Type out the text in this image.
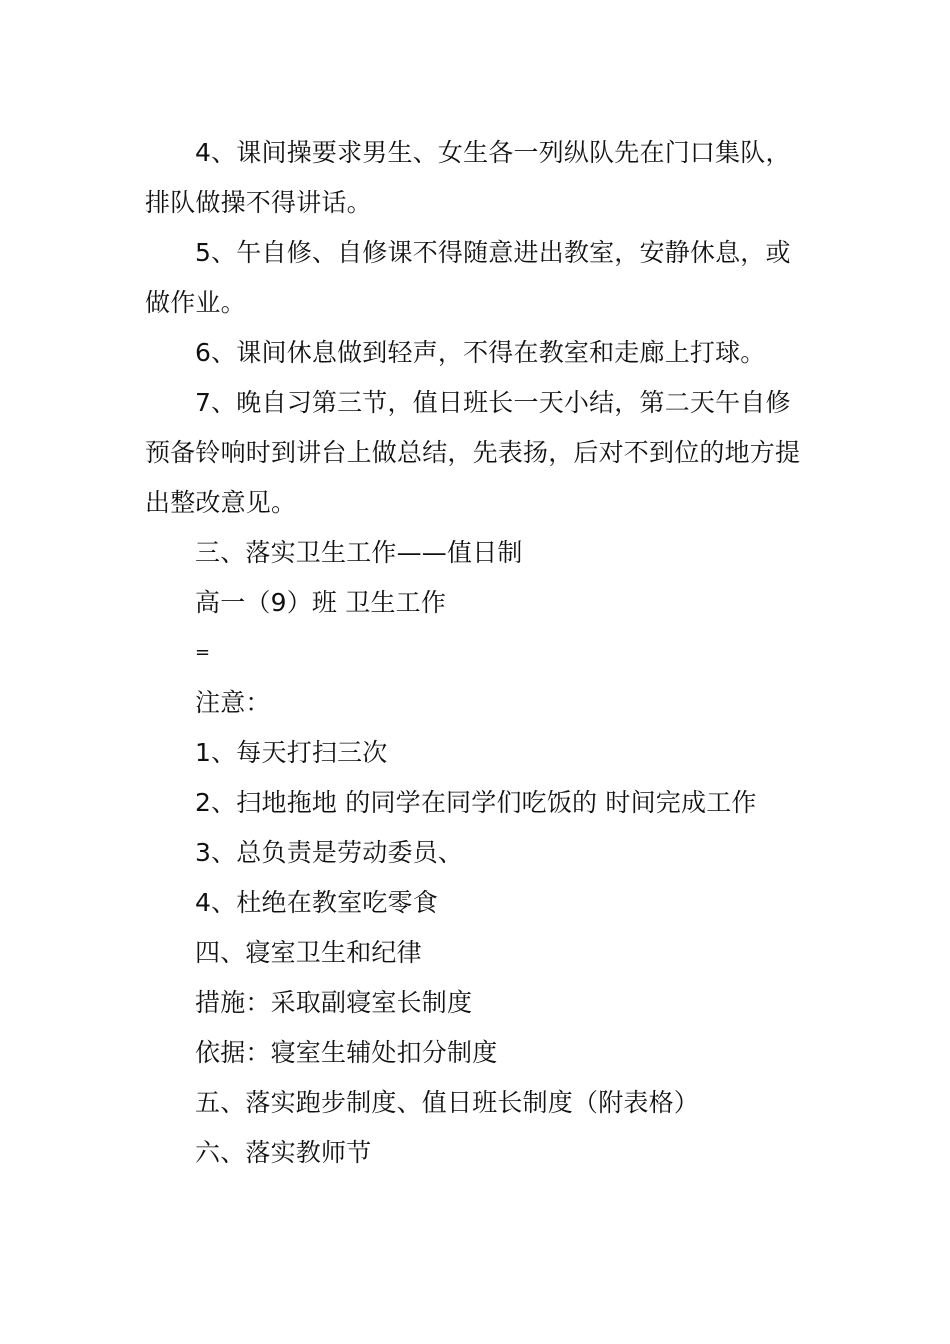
4、课间操要求男生、女生各一列纵队先在门口集队，排队做操不得讲话。

5、午自修、自修课不得随意进出教室，安静休息，或做作业。

6、课间休息做到轻声，不得在教室和走廊上打球。

7、晚自习第三节，值日班长一天小结，第二天午自修预备铃响时到讲台上做总结，先表扬，后对不到位的地方提出整改意见。

三、落实卫生工作——值日制

高一（9）班 卫生工作

=

注意：

1、每天打扫三次

2、扫地拖地 的同学在同学们吃饭的 时间完成工作

3、总负责是劳动委员、

4、杜绝在教室吃零食

四、寝室卫生和纪律

措施：采取副寝室长制度

依据：寝室生辅处扣分制度

五、落实跑步制度、值日班长制度（附表格）

六、落实教师节
